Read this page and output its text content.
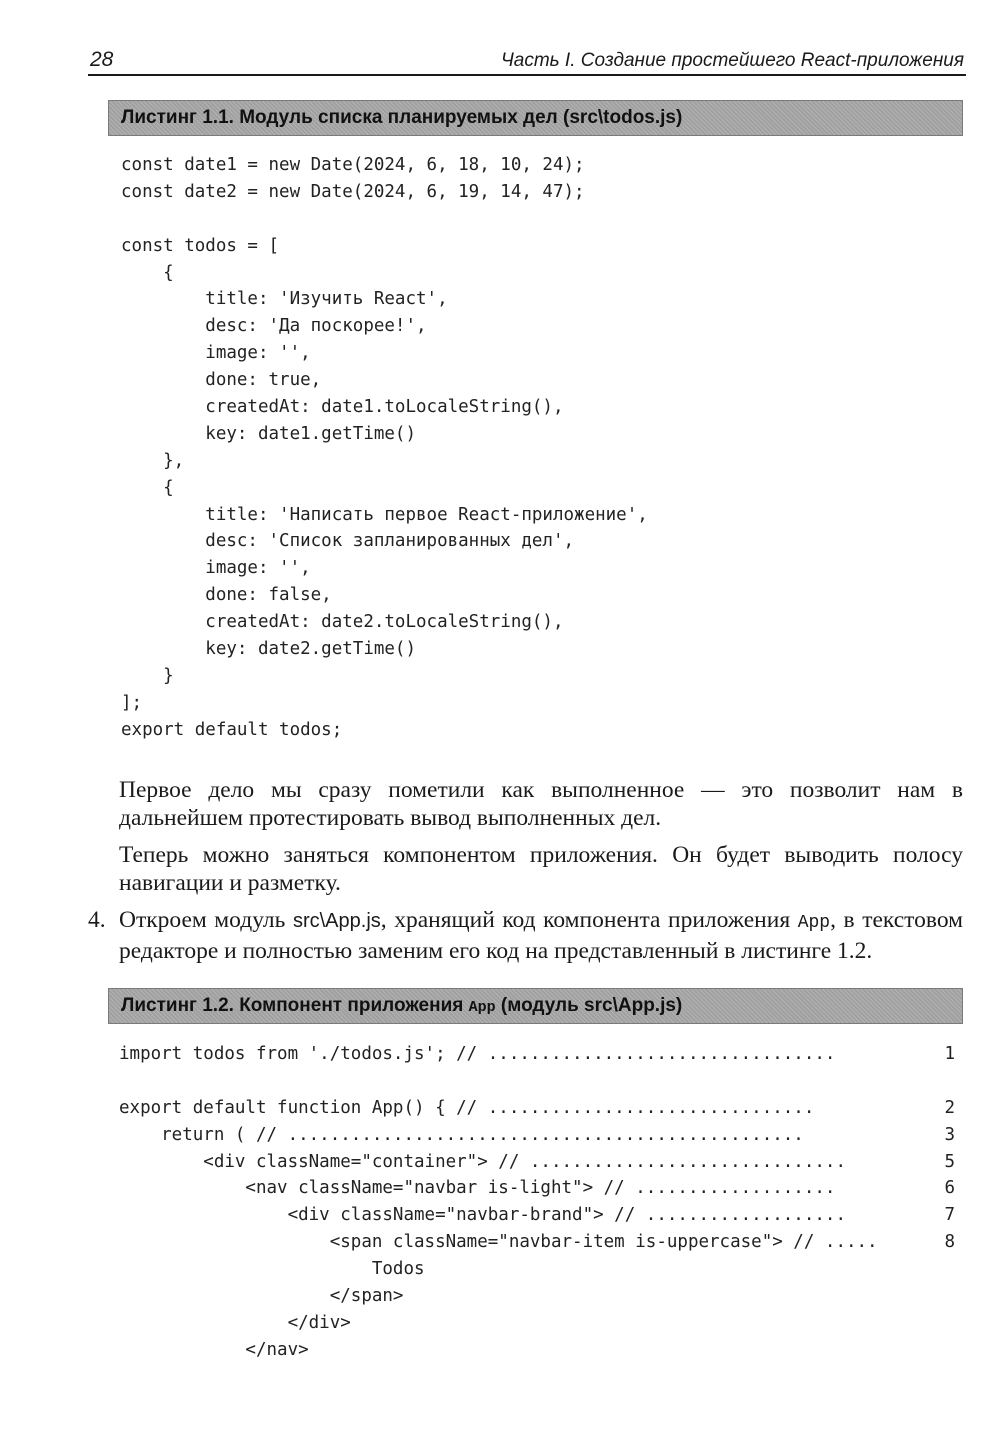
28	Часть I. Создание простейшего React-приложения
Листинг 1.1. Модуль списка планируемых дел (src\todos.js)
const date1 = new Date(2024, 6, 18, 10, 24);
const date2 = new Date(2024, 6, 19, 14, 47);
const todos = [
{
title: 'Изучить React',
desc: 'Да поскорее!',
image: '',
done: true,
createdAt: date1.toLocaleString(),
key: date1.getTime()
},
{
title: 'Написать первое React-приложение',
desc: 'Список запланированных дел',
image: '',
done: false,
createdAt: date2.toLocaleString(),
key: date2.getTime()
}
];
export default todos;

Первое дело мы сразу пометили как выполненное — это позволит нам в дальнейшем протестировать вывод выполненных дел.

Теперь можно заняться компонентом приложения. Он будет выводить полосу навигации и разметку.

4. Откроем модуль src\App.js, хранящий код компонента приложения App, в текстовом редакторе и полностью заменим его код на представленный в листинге 1.2.

Листинг 1.2. Компонент приложения App (модуль src\App.js)
import todos from './todos.js'; // .................................	1
export default function App() { // ...............................	2
return ( // .................................................	3
<div className="container"> // ..............................	5
<nav className="navbar is-light"> // ...................	6
<div className="navbar-brand"> // ...................	7
<span className="navbar-item is-uppercase"> // .....	8
Todos
</span>
</div>
</nav>
